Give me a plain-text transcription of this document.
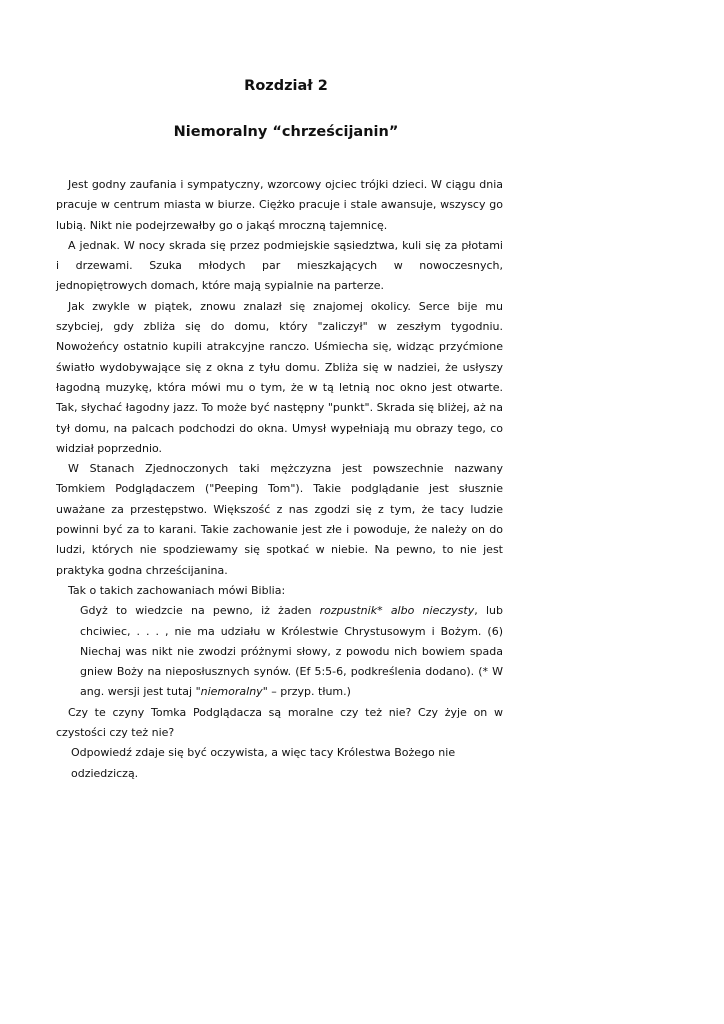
Rozdział 2
Niemoralny “chrześcijanin”

Jest godny zaufania i sympatyczny, wzorcowy ojciec trójki dzieci. W ciągu dnia pracuje w centrum miasta w biurze. Ciężko pracuje i stale awansuje, wszyscy go lubią. Nikt nie podejrzewałby go o jakąś mroczną tajemnicę.

A jednak. W nocy skrada się przez podmiejskie sąsiedztwa, kuli się za płotami i drzewami. Szuka młodych par mieszkających w nowoczesnych, jednopiętrowych domach, które mają sypialnie na parterze.

Jak zwykle w piątek, znowu znalazł się znajomej okolicy. Serce bije mu szybciej, gdy zbliża się do domu, który "zaliczył" w zeszłym tygodniu. Nowożeńcy ostatnio kupili atrakcyjne ranczo. Uśmiecha się, widząc przyćmione światło wydobywające się z okna z tyłu domu. Zbliża się w nadziei, że usłyszy łagodną muzykę, która mówi mu o tym, że w tą letnią noc okno jest otwarte. Tak, słychać łagodny jazz. To może być następny "punkt". Skrada się bliżej, aż na tył domu, na palcach podchodzi do okna. Umysł wypełniają mu obrazy tego, co widział poprzednio.

W Stanach Zjednoczonych taki mężczyzna jest powszechnie nazwany Tomkiem Podglądaczem ("Peeping Tom"). Takie podglądanie jest słusznie uważane za przestępstwo. Większość z nas zgodzi się z tym, że tacy ludzie powinni być za to karani. Takie zachowanie jest złe i powoduje, że należy on do ludzi, których nie spodziewamy się spotkać w niebie. Na pewno, to nie jest praktyka godna chrześcijanina.

Tak o takich zachowaniach mówi Biblia:

Gdyż to wiedzcie na pewno, iż żaden rozpustnik* albo nieczysty, lub chciwiec, . . . , nie ma udziału w Królestwie Chrystusowym i Bożym. (6) Niechaj was nikt nie zwodzi próżnymi słowy, z powodu nich bowiem spada gniew Boży na nieposłusznych synów. (Ef 5:5-6, podkreślenia dodano). (* W ang. wersji jest tutaj "niemoralny" – przyp. tłum.)

Czy te czyny Tomka Podglądacza są moralne czy też nie? Czy żyje on w czystości czy też nie?

Odpowiedź zdaje się być oczywista, a więc tacy Królestwa Bożego nie odziedziczą.
